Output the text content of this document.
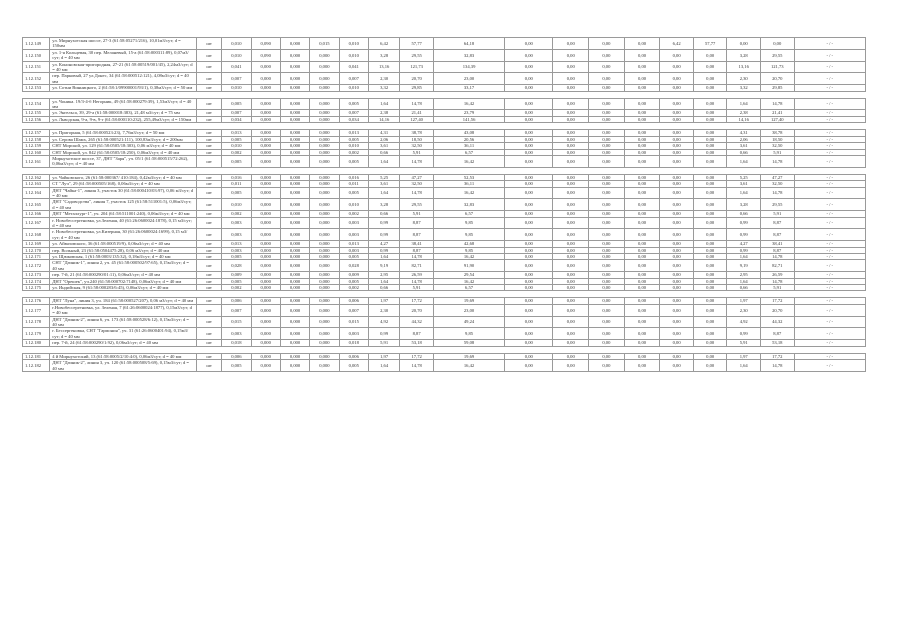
1.12.149	ул. Мирнухотская шоссе, 27-3 (61:58:05271/216), 10,01м3/сут; d = 150мм	шт	0,010	0,090	0,000	0,015	0,010	6,42	57,77	64,18	0,00	0,00	0,00	0,00	6,42	57,77	0,00	0,00	- / -
1.12.150	ул. 1-я Кольцевая, 30 пер. Меланевый, 15-а (61:58:000311:89), 0,07м3/сут; d = 40 мм	шт	0,010	0,090	0,000	0,000	0,010	3,28	29,55	32,83	0,00	0,00	0,00	0,00	0,00	0,00	3,28	29,55	- / -
1.12.151	ул. Кононовская-пригородная, 27-21 (61:58:00519/001/45), 2,24м3/сут; d = 40 мм	шт	0,041	0,000	0,000	0,000	0,041	13,16	121,73	134,39	0,00	0,00	0,00	0,00	0,00	0,00	13,16	121,73	- / -
1.12.152	пер. Парковый, 27 ул.Донес, 34 (61:58:000512:121), 4,08м3/сут; d = 40 мм	шт	0,007	0,000	0,000	0,000	0,007	2,30	20,70	23,00	0,00	0,00	0,00	0,00	0,00	0,00	2,30	20,70	- / -
1.12.153	ул. Сотни Винницкого, 2 (61:58:1/09900001/93/1), 0,38м3/сут; d = 50 мм	шт	0,010	0,000	0,000	0,000	0,010	3,32	29,85	33,17	0,00	0,00	0,00	0,00	0,00	0,00	3,32	29,85	- / -

1.12.154	ул. Чоника. 19/3-4-б Негорник, 49 (61:58:000279:39), 1,53м3/сут; d = 40 мм	шт	0,005	0,000	0,000	0,000	0,005	1,64	14,78	16,42	0,00	0,00	0,00	0,00	0,00	0,00	1,64	14,78	- / -
1.12.155	ул. Энгельса, 39, 29-а (61:58:000018:383), 21,48 м3/сут; d = 75 мм	шт	0,007	0,000	0,000	0,000	0,007	2,38	21,41	23,79	0,00	0,00	0,00	0,00	0,00	0,00	2,38	21,41	- / -
1.12.156	ул. Льводская, 9-а, 9-в, 9-г (61:58:000110:232), 255,49м3/сут; d = 150мм	шт	0,034	0,000	0,000	0,000	0,034	14,16	127,40	141,56	0,00	0,00	0,00	0,00	0,00	0,00	14,16	127,40	- / -

1.12.157	ул. Пригорная, 5 (61:58:000523:23), 7,76м3/сут; d = 50 мм	шт	0,013	0,000	0,000	0,000	0,013	4,31	38,78	43,08	0,00	0,00	0,00	0,00	0,00	0,00	4,31	38,78	- / -
1.12.158	ул. Серова Шамх, 265 (61:58:000521:111), 100,83м3/сут; d = 200мм	шт	0,005	0,000	0,000	0,000	0,005	2,06	18,50	20,56	0,00	0,00	0,00	0,00	0,00	0,00	2,06	18,50	- / -
1.12.159	СНТ Морской, ул. 129 (61:58:0505/18:303), 0,06 м3/сут; d = 40 мм	шт	0,010	0,000	0,000	0,000	0,010	3,61	32,50	36,11	0,00	0,00	0,00	0,00	0,00	0,00	3,61	32,50	- / -
1.12.160	СНТ Морской, ул. 842 (61:58:0505/18:250), 0,06м3/сут; d = 40 мм	шт	0,002	0,000	0,000	0,000	0,002	0,66	5,91	6,57	0,00	0,00	0,00	0,00	0,00	0,00	0,66	5,91	- / -
1.12.161	Мирнухотское шоссе, 37, ДНТ "Заря", уч. 05/1 (61:58:000515/72:262), 0,06м3/сут; d = 40 мм	шт	0,005	0,000	0,000	0,000	0,005	1,64	14,78	16,42	0,00	0,00	0,00	0,00	0,00	0,00	1,64	14,78	- / -

1.12.162	ул. Чайковского, 26 (61:58:000367/ 410:184), 0,42м3/сут; d = 40 мм	шт	0,016	0,000	0,000	0,000	0,016	5,25	47,27	52,53	0,00	0,00	0,00	0,00	0,00	0,00	5,25	47,27	- / -
1.12.163	СТ "Луч", 29 (61:58:000505/168), 0,06м3/сут; d = 40 мм	шт	0,011	0,000	0,000	0,000	0,011	3,61	32,50	36,11	0,00	0,00	0,00	0,00	0,00	0,00	3,61	32,50	- / -
1.12.164	ДНТ "Чайка-1", линия 3, участок 30 (61:58:000410/03:97), 0,06 м3/сут; d = 40 мм	шт	0,005	0,000	0,000	0,000	0,005	1,64	14,78	16,42	0,00	0,00	0,00	0,00	0,00	0,00	1,64	14,78	- / -
1.12.165	ДНТ "Садоводства", линия 7, участок 125 (61:58:511001:5), 0,06м3/сут; d = 40 мм	шт	0,010	0,000	0,000	0,000	0,010	3,28	29,55	32,83	0,00	0,00	0,00	0,00	0,00	0,00	3,28	29,55	- / -
1.12.166	ДНТ "Металлург-1", уч. 204 (61:58:511001:240), 0,06м3/сут; d = 40 мм	шт	0,002	0,000	0,000	0,000	0,002	0,66	5,91	6,57	0,00	0,00	0,00	0,00	0,00	0,00	0,66	5,91	- / -
1.12.167	г. Новобессергеновка, ул.Зеленая, 40 (61:26:0600024:1878), 0,15 м3/сут; d = 40 мм	шт	0,003	0,000	0,000	0,000	0,003	0,99	8,87	9,85	0,00	0,00	0,00	0,00	0,00	0,00	0,99	8,87	- / -
1.12.168	г. Новобессергеновка, ул.Кизерная, 30 (61:26:0600024:1699), 0,15 м3/сут; d = 40 мм	шт	0,003	0,000	0,000	0,000	0,003	0,99	8,87	9,85	0,00	0,00	0,00	0,00	0,00	0,00	0,99	8,87	- / -
1.12.169	ул. Айвазовского, 36 (61:58:000519/9), 0,06м3/сут; d = 40 мм	шт	0,013	0,000	0,000	0,000	0,013	4,27	38,41	42,68	0,00	0,00	0,00	0,00	0,00	0,00	4,27	38,41	- / -
1.12.170	пер. Вольный, 23 (61:58:0504475:28), 0,06 м3/сут; d = 40 мм	шт	0,003	0,000	0,000	0,000	0,003	0,99	8,87	9,85	0,00	0,00	0,00	0,00	0,00	0,00	0,99	8,87	- / -
1.12.171	ул. Щачковская, 1 (61:58:0003/135:32), 0,18м3/сут; d = 40 мм	шт	0,005	0,000	0,000	0,000	0,005	1,64	14,78	16,42	0,00	0,00	0,00	0,00	0,00	0,00	1,64	14,78	- / -
1.12.172	СНТ "Дачник-1", линия 2, уч. 45 (61:58:000502/97:65), 0,15м3/сут; d = 40 мм	шт	0,028	0,000	0,000	0,000	0,028	9,19	82,71	91,90	0,00	0,00	0,00	0,00	0,00	0,00	9,19	82,71	- / -
1.12.173	пер. 7-й, 21 (61:58:000290/01:11), 0,06м3/сут; d = 40 мм	шт	0,009	0,000	0,000	0,000	0,009	2,95	26,59	29,54	0,00	0,00	0,00	0,00	0,00	0,00	2,95	26,59	- / -
1.12.174	ДНТ "Орешек", уч.240 (61:58:000702:7148), 0,06м3/сут; d = 40 мм	шт	0,005	0,000	0,000	0,000	0,005	1,64	14,78	16,42	0,00	0,00	0,00	0,00	0,00	0,00	1,64	14,78	- / -
1.12.175	ул. Индийская, 9 (61:58:000283/6:45), 0,06м3/сут; d = 40 мм	шт	0,002	0,000	0,000	0,000	0,002	0,66	5,91	6,57	0,00	0,00	0,00	0,00	0,00	0,00	0,66	5,91	- / -

1.12.176	ДНТ "Луна", линия 3, уч. 184 (61:58:000527/207), 0,06 м3/сут; d = 40 мм	шт	0,006	0,000	0,000	0,000	0,006	1,97	17,72	19,69	0,00	0,00	0,00	0,00	0,00	0,00	1,97	17,72	- / -
1.12.177	г.Новобессергеновка, ул. Зеленая, 7 (61:26:0600024:1877), 0,15м3/сут; d = 40 мм	шт	0,007	0,000	0,000	0,000	0,007	2,30	20,70	23,00	0,00	0,00	0,00	0,00	0,00	0,00	2,30	20,70	- / -
1.12.178	ДНТ "Дачник-2", линия 6, уч. 173 (61:58:000528/6:12), 0,15м3/сут; d = 40 мм	шт	0,015	0,000	0,000	0,000	0,015	4,92	44,32	49,24	0,00	0,00	0,00	0,00	0,00	0,00	4,92	44,32	- / -
1.12.179	г. Бессергеновка, СНТ "Гармония", уч. 31 (61:26:0600401:94), 0,15м3/сут; d = 40 мм	шт	0,003	0,000	0,000	0,000	0,003	0,99	8,87	9,85	0,00	0,00	0,00	0,00	0,00	0,00	0,99	8,87	- / -
1.12.180	пер. 7-й, 24 (61:58:000290/1:92), 0,06м3/сут; d = 40 мм	шт	0,018	0,000	0,000	0,000	0,018	5,91	53,18	59,08	0,00	0,00	0,00	0,00	0,00	0,00	5,91	53,18	- / -

1.12.181	4 й Мирнухотский, 13 (61:58:0005/2/10:4:0), 0,06м3/сут; d = 40 мм	шт	0,006	0,000	0,000	0,000	0,006	1,97	17,72	19,69	0,00	0,00	0,00	0,00	0,00	0,00	1,97	17,72	- / -
1.12.182	ДНТ "Дачник-2", линия 3, уч. 120 (61:58:000508/5:69), 0,15м3/сут; d = 40 мм	шт	0,005	0,000	0,000	0,000	0,005	1,64	14,78	16,42	0,00	0,00	0,00	0,00	0,00	0,00	1,64	14,78	- / -
